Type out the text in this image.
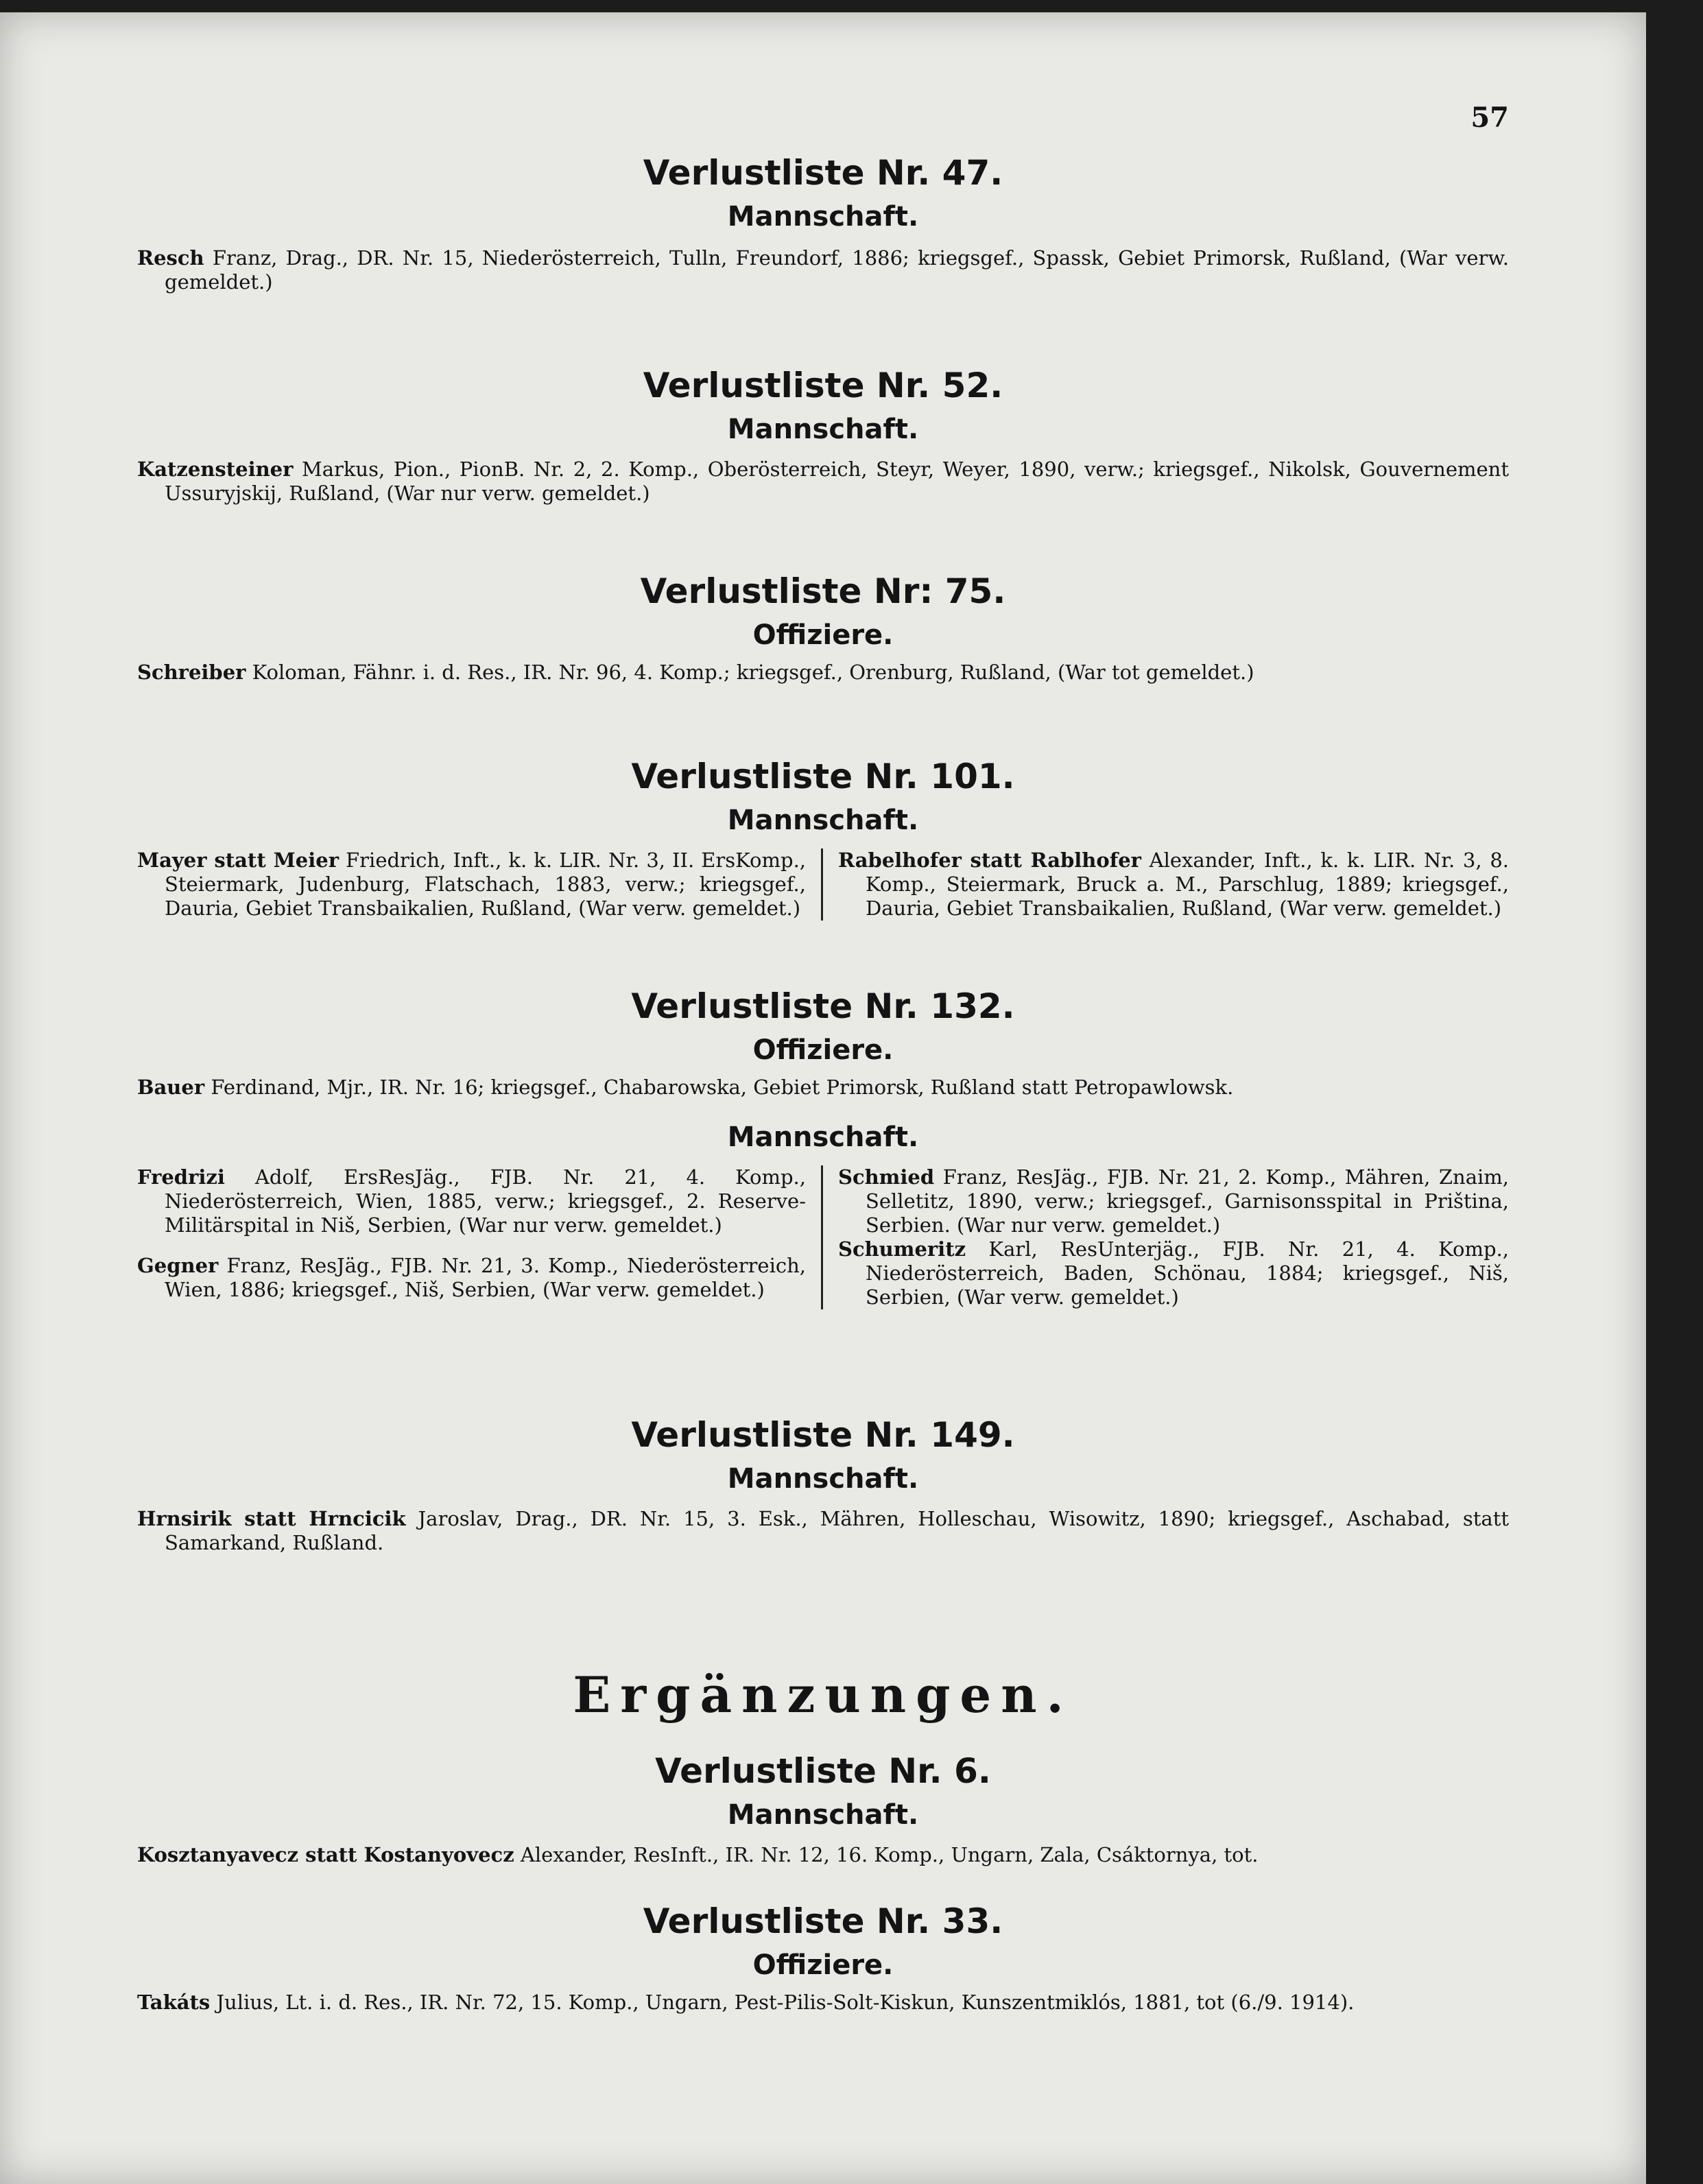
57

Verlustliste Nr. 47.

Mannschaft.

Resch Franz, Drag., DR. Nr. 15, Niederösterreich, Tulln, Freundorf, 1886; kriegsgef., Spassk, Gebiet Primorsk, Rußland, (War verw. gemeldet.)

Verlustliste Nr. 52.

Mannschaft.

Katzensteiner Markus, Pion., PionB. Nr. 2, 2. Komp., Oberösterreich, Steyr, Weyer, 1890, verw.; kriegsgef., Nikolsk, Gouvernement Ussuryjskij, Rußland, (War nur verw. gemeldet.)

Verlustliste Nr: 75.

Offiziere.

Schreiber Koloman, Fähnr. i. d. Res., IR. Nr. 96, 4. Komp.; kriegsgef., Orenburg, Rußland, (War tot gemeldet.)

Verlustliste Nr. 101.

Mannschaft.

Mayer statt Meier Friedrich, Inft., k. k. LIR. Nr. 3, II. ErsKomp., Steiermark, Judenburg, Flatschach, 1883, verw.; kriegsgef., Dauria, Gebiet Transbaikalien, Rußland, (War verw. gemeldet.)

Rabelhofer statt Rablhofer Alexander, Inft., k. k. LIR. Nr. 3, 8. Komp., Steiermark, Bruck a. M., Parschlug, 1889; kriegsgef., Dauria, Gebiet Transbaikalien, Rußland, (War verw. gemeldet.)

Verlustliste Nr. 132.

Offiziere.

Bauer Ferdinand, Mjr., IR. Nr. 16; kriegsgef., Chabarowska, Gebiet Primorsk, Rußland statt Petropawlowsk.

Mannschaft.

Fredrizi Adolf, ErsResJäg., FJB. Nr. 21, 4. Komp., Niederösterreich, Wien, 1885, verw.; kriegsgef., 2. Reserve-Militärspital in Niš, Serbien, (War nur verw. gemeldet.)

Gegner Franz, ResJäg., FJB. Nr. 21, 3. Komp., Niederösterreich, Wien, 1886; kriegsgef., Niš, Serbien, (War verw. gemeldet.)

Schmied Franz, ResJäg., FJB. Nr. 21, 2. Komp., Mähren, Znaim, Selletitz, 1890, verw.; kriegsgef., Garnisonsspital in Priština, Serbien. (War nur verw. gemeldet.)

Schumeritz Karl, ResUnterjäg., FJB. Nr. 21, 4. Komp., Niederösterreich, Baden, Schönau, 1884; kriegsgef., Niš, Serbien, (War verw. gemeldet.)

Verlustliste Nr. 149.

Mannschaft.

Hrnsirik statt Hrncicik Jaroslav, Drag., DR. Nr. 15, 3. Esk., Mähren, Holleschau, Wisowitz, 1890; kriegsgef., Aschabad, statt Samarkand, Rußland.

Ergänzungen.

Verlustliste Nr. 6.

Mannschaft.

Kosztanyavecz statt Kostanyovecz Alexander, ResInft., IR. Nr. 12, 16. Komp., Ungarn, Zala, Csáktornya, tot.

Verlustliste Nr. 33.

Offiziere.

Takáts Julius, Lt. i. d. Res., IR. Nr. 72, 15. Komp., Ungarn, Pest-Pilis-Solt-Kiskun, Kunszentmiklós, 1881, tot (6./9. 1914).
